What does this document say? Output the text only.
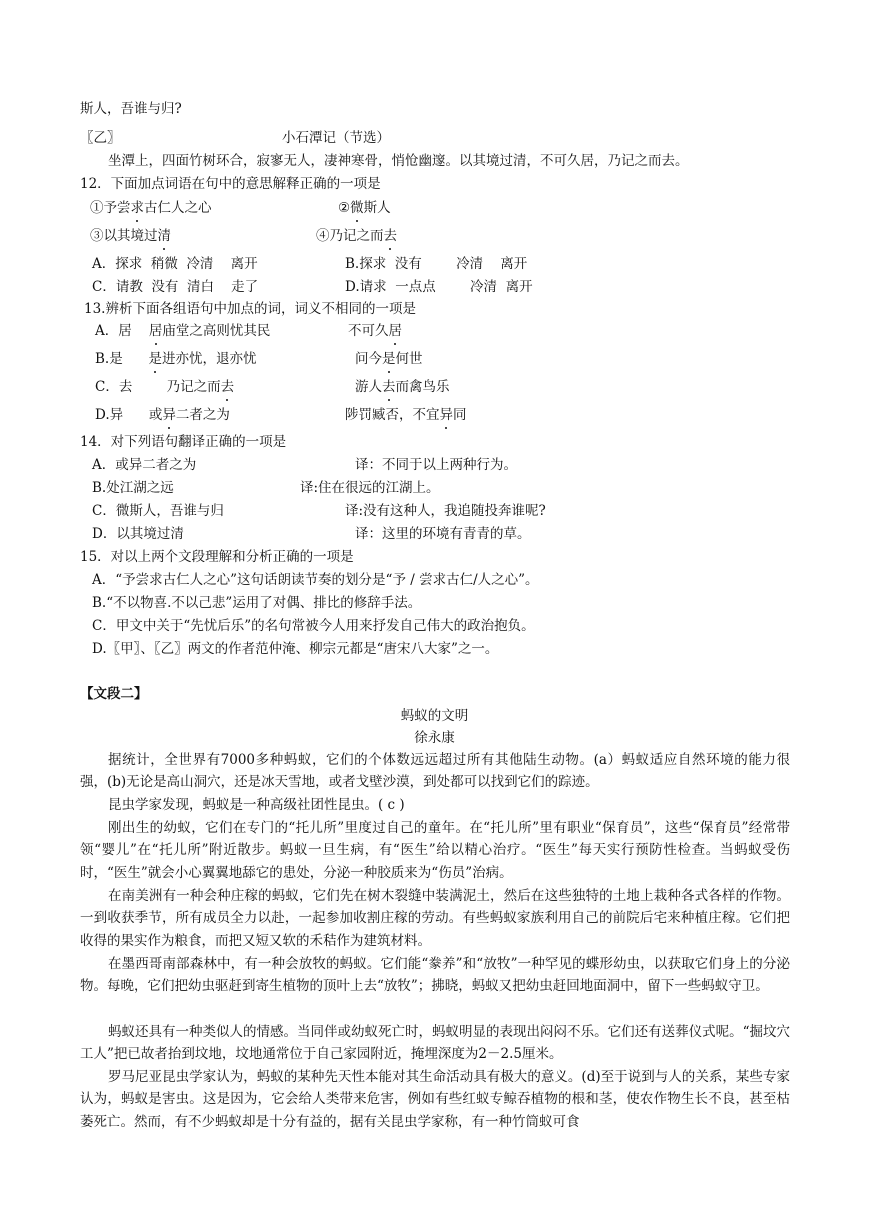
斯人，吾谁与归?
〖乙〗	小石潭记（节选）
坐潭上，四面竹树环合，寂寥无人，凄神寒骨，悄怆幽邃。以其境过清，不可久居，乃记之而去。
12．下面加点词语在句中的意思解释正确的一项是
①予尝求古仁人之心	②微斯人
③以其境过清	④乃记之而去
A．探求  稍微  冷清    离开	B.探求  没有        冷清    离开
C．请教  没有  清白    走了	D.请求  一点点        冷清  离开
13.辨析下面各组语句中加点的词，词义不相同的一项是
A．居    居庙堂之高则忧其民	不可久居
B.是      是进亦忧，退亦忧	问今是何世
C．去        乃记之而去	游人去而禽鸟乐
D.异      或异二者之为	陟罚臧否，不宜异同
14．对下列语句翻译正确的一项是
A．或异二者之为	译：不同于以上两种行为。
B.处江湖之远	译:住在很远的江湖上。
C．微斯人，吾谁与归	译:没有这种人，我追随投奔谁呢?
D．以其境过清	译：这里的环境有青青的草。
15．对以上两个文段理解和分析正确的一项是
A．“予尝求古仁人之心”这句话朗读节奏的划分是“予 / 尝求古仁/人之心”。
B.“不以物喜.不以己悲”运用了对偶、排比的修辞手法。
C．甲文中关于“先忧后乐”的名句常被今人用来抒发自己伟大的政治抱负。
D.〖甲〗、〖乙〗两文的作者范仲淹、柳宗元都是“唐宋八大家”之一。
【文段二】
蚂蚁的文明
徐永康

据统计，全世界有7000多种蚂蚁，它们的个体数远远超过所有其他陆生动物。(a）蚂蚁适应自然环境的能力很强，(b)无论是高山洞穴，还是冰天雪地，或者戈壁沙漠，到处都可以找到它们的踪迹。

昆虫学家发现，蚂蚁是一种高级社团性昆虫。( c )

刚出生的幼蚁，它们在专门的“托儿所”里度过自己的童年。在“托儿所”里有职业“保育员”，这些“保育员”经常带领“婴儿”在“托儿所”附近散步。蚂蚁一旦生病，有“医生”给以精心治疗。“医生”每天实行预防性检查。当蚂蚁受伤时，“医生”就会小心翼翼地舔它的患处，分泌一种胶质来为“伤员”治病。

在南美洲有一种会种庄稼的蚂蚁，它们先在树木裂缝中装满泥土，然后在这些独特的土地上栽种各式各样的作物。一到收获季节，所有成员全力以赴，一起参加收割庄稼的劳动。有些蚂蚁家族利用自己的前院后宅来种植庄稼。它们把收得的果实作为粮食，而把又短又软的禾秸作为建筑材料。

在墨西哥南部森林中，有一种会放牧的蚂蚁。它们能“豢养”和“放牧”一种罕见的蝶形幼虫，以获取它们身上的分泌物。每晚，它们把幼虫驱赶到寄生植物的顶叶上去“放牧”；拂晓，蚂蚁又把幼虫赶回地面洞中，留下一些蚂蚁守卫。

蚂蚁还具有一种类似人的情感。当同伴或幼蚁死亡时，蚂蚁明显的表现出闷闷不乐。它们还有送葬仪式呢。“掘坟穴工人”把已故者抬到坟地，坟地通常位于自己家园附近，掩埋深度为2－2.5厘米。

罗马尼亚昆虫学家认为，蚂蚁的某种先天性本能对其生命活动具有极大的意义。(d)至于说到与人的关系，某些专家认为，蚂蚁是害虫。这是因为，它会给人类带来危害，例如有些红蚁专鲸吞植物的根和茎，使农作物生长不良，甚至枯萎死亡。然而，有不少蚂蚁却是十分有益的，据有关昆虫学家称，有一种竹筒蚁可食
